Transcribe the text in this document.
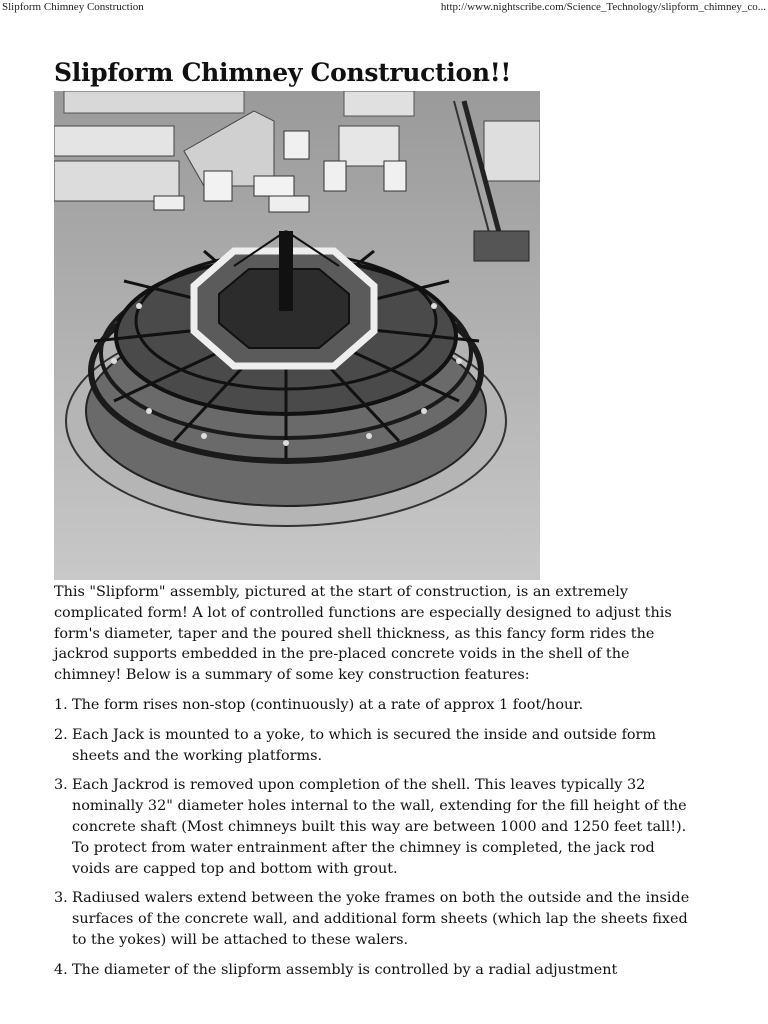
Slipform Chimney Construction	http://www.nightscribe.com/Science_Technology/slipform_chimney_co...
Slipform Chimney Construction!!

This "Slipform" assembly, pictured at the start of construction, is an extremely complicated form! A lot of controlled functions are especially designed to adjust this form's diameter, taper and the poured shell thickness, as this fancy form rides the jackrod supports embedded in the pre-placed concrete voids in the shell of the chimney! Below is a summary of some key construction features:

1. The form rises non-stop (continuously) at a rate of approx 1 foot/hour.
2. Each Jack is mounted to a yoke, to which is secured the inside and outside form sheets and the working platforms.
3. Each Jackrod is removed upon completion of the shell. This leaves typically 32 nominally 32" diameter holes internal to the wall, extending for the fill height of the concrete shaft (Most chimneys built this way are between 1000 and 1250 feet tall!). To protect from water entrainment after the chimney is completed, the jack rod voids are capped top and bottom with grout.
3. Radiused walers extend between the yoke frames on both the outside and the inside surfaces of the concrete wall, and additional form sheets (which lap the sheets fixed to the yokes) will be attached to these walers.
4. The diameter of the slipform assembly is controlled by a radial adjustment
